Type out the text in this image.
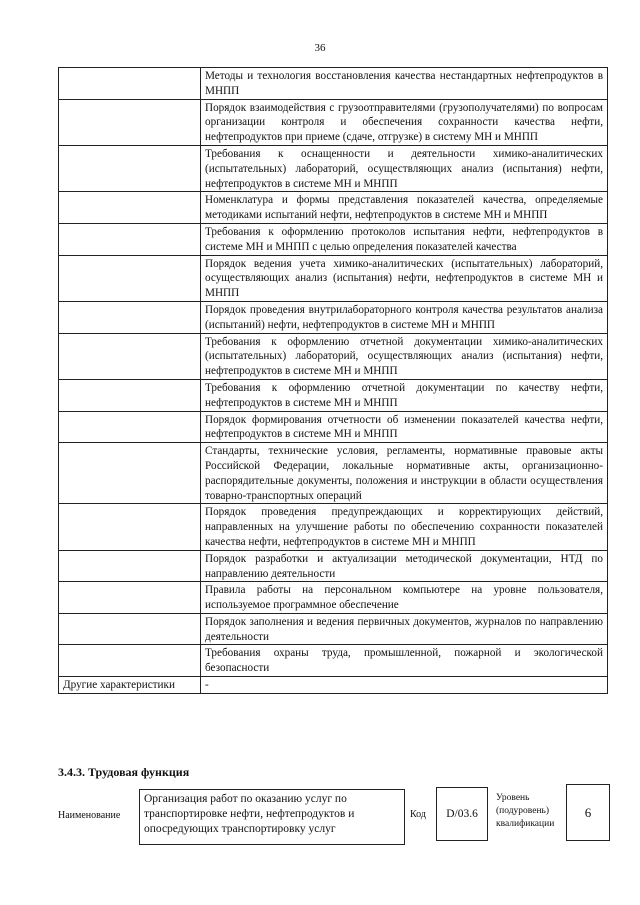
36
	Методы и технология восстановления качества нестандартных нефтепродуктов в МНПП
	Порядок взаимодействия с грузоотправителями (грузополучателями) по вопросам организации контроля и обеспечения сохранности качества нефти, нефтепродуктов при приеме (сдаче, отгрузке) в систему МН и МНПП
	Требования к оснащенности и деятельности химико-аналитических (испытательных) лабораторий, осуществляющих анализ (испытания) нефти, нефтепродуктов в системе МН и МНПП
	Номенклатура и формы представления показателей качества, определяемые методиками испытаний нефти, нефтепродуктов в системе МН и МНПП
	Требования к оформлению протоколов испытания нефти, нефтепродуктов в системе МН и МНПП с целью определения показателей качества
	Порядок ведения учета химико-аналитических (испытательных) лабораторий, осуществляющих анализ (испытания) нефти, нефтепродуктов в системе МН и МНПП
	Порядок проведения внутрилабораторного контроля качества результатов анализа (испытаний) нефти, нефтепродуктов в системе МН и МНПП
	Требования к оформлению отчетной документации химико-аналитических (испытательных) лабораторий, осуществляющих анализ (испытания) нефти, нефтепродуктов в системе МН и МНПП
	Требования к оформлению отчетной документации по качеству нефти, нефтепродуктов в системе МН и МНПП
	Порядок формирования отчетности об изменении показателей качества нефти, нефтепродуктов в системе МН и МНПП
	Стандарты, технические условия, регламенты, нормативные правовые акты Российской Федерации, локальные нормативные акты, организационно-распорядительные документы, положения и инструкции в области осуществления товарно-транспортных операций
	Порядок проведения предупреждающих и корректирующих действий, направленных на улучшение работы по обеспечению сохранности показателей качества нефти, нефтепродуктов в системе МН и МНПП
	Порядок разработки и актуализации методической документации, НТД по направлению деятельности
	Правила работы на персональном компьютере на уровне пользователя, используемое программное обеспечение
	Порядок заполнения и ведения первичных документов, журналов по направлению деятельности
	Требования охраны труда, промышленной, пожарной и экологической безопасности
Другие характеристики	-
3.4.3. Трудовая функция
Наименование
Организация работ по оказанию услуг по транспортировке нефти, нефтепродуктов и опосредующих транспортировку услуг
Код	D/03.6
Уровень (подуровень) квалификации
6
